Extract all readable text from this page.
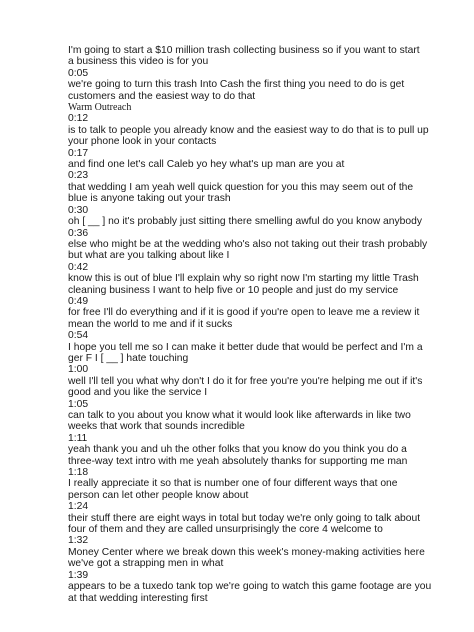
I'm going to start a $10 million trash collecting business so if you want to start
a business this video is for you
0:05
we're going to turn this trash Into Cash the first thing you need to do is get
customers and the easiest way to do that
Warm Outreach
0:12
is to talk to people you already know and the easiest way to do that is to pull up
your phone look in your contacts
0:17
and find one let's call Caleb yo hey what's up man are you at
0:23
that wedding I am yeah well quick question for you this may seem out of the
blue is anyone taking out your trash
0:30
oh [ __ ] no it's probably just sitting there smelling awful do you know anybody
0:36
else who might be at the wedding who's also not taking out their trash probably
but what are you talking about like I
0:42
know this is out of blue I'll explain why so right now I'm starting my little Trash
cleaning business I want to help five or 10 people and just do my service
0:49
for free I'll do everything and if it is good if you're open to leave me a review it
mean the world to me and if it sucks
0:54
I hope you tell me so I can make it better dude that would be perfect and I'm a
ger F I [ __ ] hate touching
1:00
well I'll tell you what why don't I do it for free you're you're helping me out if it's
good and you like the service I
1:05
can talk to you about you know what it would look like afterwards in like two
weeks that work that sounds incredible
1:11
yeah thank you and uh the other folks that you know do you think you do a
three-way text intro with me yeah absolutely thanks for supporting me man
1:18
I really appreciate it so that is number one of four different ways that one
person can let other people know about
1:24
their stuff there are eight ways in total but today we're only going to talk about
four of them and they are called unsurprisingly the core 4 welcome to
1:32
Money Center where we break down this week's money-making activities here
we've got a strapping men in what
1:39
appears to be a tuxedo tank top we're going to watch this game footage are you
at that wedding interesting first
